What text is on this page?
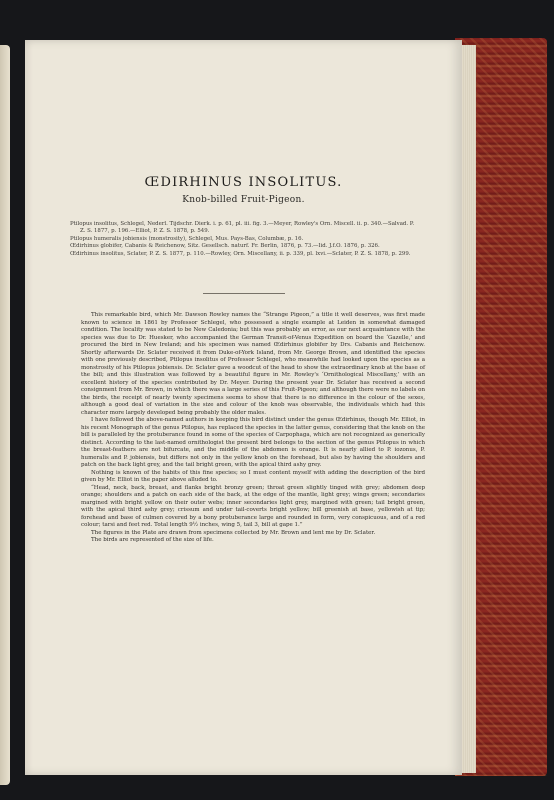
ŒDIRHINUS INSOLITUS.
Knob-billed Fruit-Pigeon.

Ptilopus insolitus, Schlegel, Nederl. Tijdschr. Dierk. i. p. 61, pl. iii. fig. 3.—Meyer, Rowley's Orn. Miscell. ii. p. 340.—Salvad. P. Z. S. 1877, p. 196.—Elliot, P. Z. S. 1878, p. 549.

Ptilopus humeralis jobiensis (monstrosity), Schlegel, Mus. Pays-Bas, Columbæ, p. 16.

Œdirhinus globifer, Cabanis & Reichenow, Sitz. Gesellsch. naturf. Fr. Berlin, 1876, p. 73.—Iid. J.f.O. 1876, p. 326.

Œdirhinus insolitus, Sclater, P. Z. S. 1877, p. 110.—Rowley, Orn. Miscellany, ii. p. 339, pl. lxvi.—Sclater, P. Z. S. 1878, p. 299.

This remarkable bird, which Mr. Dawson Rowley names the “Strange Pigeon,” a title it well deserves, was first made known to science in 1861 by Professor Schlegel, who possessed a single example at Leiden in somewhat damaged condition. The locality was stated to be New Caledonia; but this was probably an error, as our next acquaintance with the species was due to Dr. Huesker, who accompanied the German Transit-of-Venus Expedition on board the ‘Gazelle,’ and procured the bird in New Ireland; and his specimen was named Œdirhinus globifer by Drs. Cabanis and Reichenow. Shortly afterwards Dr. Sclater received it from Duke-of-York Island, from Mr. George Brown, and identified the species with one previously described, Ptilopus insolitus of Professor Schlegel, who meanwhile had looked upon the species as a monstrosity of his Ptilopus jobiensis. Dr. Sclater gave a woodcut of the head to show the extraordinary knob at the base of the bill; and this illustration was followed by a beautiful figure in Mr. Rowley's ‘Ornithological Miscellany,’ with an excellent history of the species contributed by Dr. Meyer. During the present year Dr. Sclater has received a second consignment from Mr. Brown, in which there was a large series of this Fruit-Pigeon; and although there were no labels on the birds, the receipt of nearly twenty specimens seems to show that there is no difference in the colour of the sexes, although a good deal of variation in the size and colour of the knob was observable, the individuals which had this character more largely developed being probably the older males.

I have followed the above-named authors in keeping this bird distinct under the genus Œdirhinus, though Mr. Elliot, in his recent Monograph of the genus Ptilopus, has replaced the species in the latter genus, considering that the knob on the bill is paralleled by the protuberance found in some of the species of Carpophaga, which are not recognized as generically distinct. According to the last-named ornithologist the present bird belongs to the section of the genus Ptilopus in which the breast-feathers are not bifurcate, and the middle of the abdomen is orange. It is nearly allied to P. iozonus, P. humeralis and P. jobiensis, but differs not only in the yellow knob on the forehead, but also by having the shoulders and patch on the back light grey, and the tail bright green, with the apical third ashy grey.

Nothing is known of the habits of this fine species; so I must content myself with adding the description of the bird given by Mr. Elliot in the paper above alluded to.

“Head, neck, back, breast, and flanks bright bronzy green; throat green slightly tinged with grey; abdomen deep orange; shoulders and a patch on each side of the back, at the edge of the mantle, light grey; wings green; secondaries margined with bright yellow on their outer webs; inner secondaries light grey, margined with green; tail bright green, with the apical third ashy grey; crissum and under tail-coverts bright yellow; bill greenish at base, yellowish at tip; forehead and base of culmen covered by a bony protuberance large and rounded in form, very conspicuous, and of a red colour; tarsi and feet red. Total length 9½ inches, wing 5, tail 3, bill at gape 1.”

The figures in the Plate are drawn from specimens collected by Mr. Brown and lent me by Dr. Sclater.

The birds are represented of the size of life.
